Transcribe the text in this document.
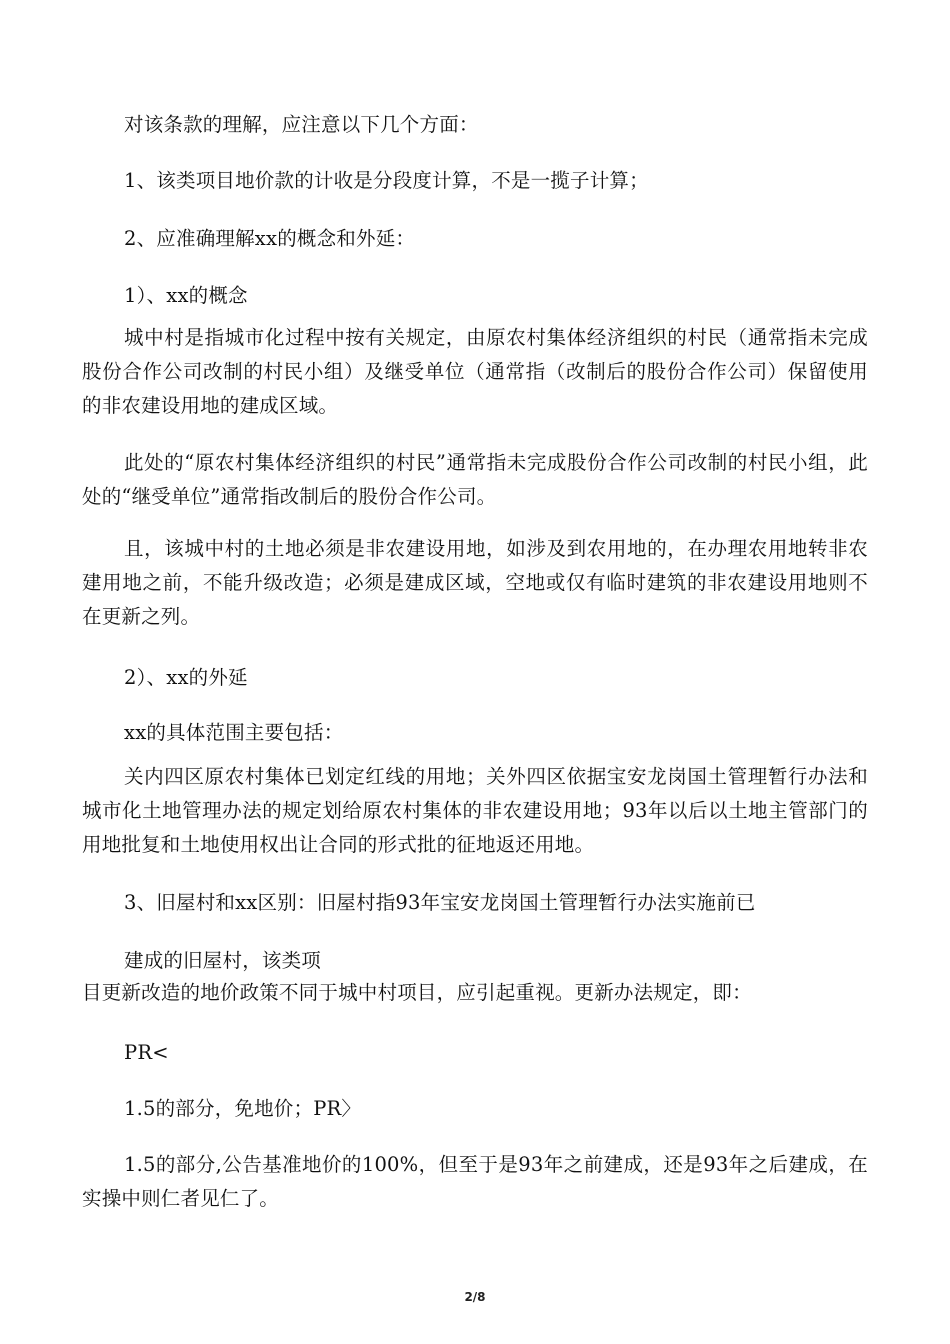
对该条款的理解，应注意以下几个方面：

1、该类项目地价款的计收是分段度计算，不是一揽子计算；

2、应准确理解xx的概念和外延：

1）、xx的概念

城中村是指城市化过程中按有关规定，由原农村集体经济组织的村民（通常指未完成股份合作公司改制的村民小组）及继受单位（通常指（改制后的股份合作公司）保留使用的非农建设用地的建成区域。

此处的“原农村集体经济组织的村民”通常指未完成股份合作公司改制的村民小组，此处的“继受单位”通常指改制后的股份合作公司。

且，该城中村的土地必须是非农建设用地，如涉及到农用地的，在办理农用地转非农建用地之前，不能升级改造；必须是建成区域，空地或仅有临时建筑的非农建设用地则不在更新之列。

2）、xx的外延

xx的具体范围主要包括：

关内四区原农村集体已划定红线的用地；关外四区依据宝安龙岗国土管理暂行办法和城市化土地管理办法的规定划给原农村集体的非农建设用地；93年以后以土地主管部门的用地批复和土地使用权出让合同的形式批的征地返还用地。

3、旧屋村和xx区别：旧屋村指93年宝安龙岗国土管理暂行办法实施前已

建成的旧屋村，该类项

目更新改造的地价政策不同于城中村项目，应引起重视。更新办法规定，即：

PR<

1.5的部分，免地价；PR〉

1.5的部分,公告基准地价的100%，但至于是93年之前建成，还是93年之后建成，在实操中则仁者见仁了。

2/8
